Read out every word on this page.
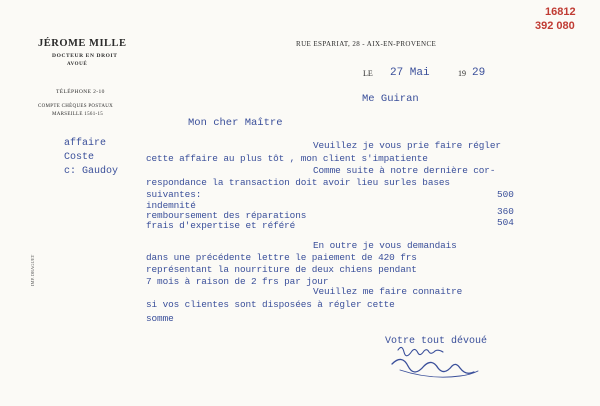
16812
392 080
JÉROME MILLE
DOCTEUR EN DROIT
AVOUÉ
TÉLÉPHONE 2-10
COMPTE CHÈQUES POSTAUX
MARSEILLE 1561-15
RUE ESPARIAT, 28 - AIX-EN-PROVENCE
LE	19
IMP. DRAGUET
27 Mai	29
Me Guiran
Mon cher Maître
affaire
Coste
c: Gaudoy
Veuillez je vous prie faire régler
cette affaire au plus tôt , mon client s'impatiente
Comme suite à notre dernière cor-
respondance la transaction doit avoir lieu surles bases
suivantes:
indemnité
remboursement des réparations
frais d'expertise et référé
500
360
504
En outre je vous demandais
dans une précédente lettre le paiement de 420 frs
représentant la nourriture de deux chiens pendant
7 mois à raison de 2 frs par jour
Veuillez me faire connaitre
si vos clientes sont disposées à régler cette
somme
Votre tout dévoué
